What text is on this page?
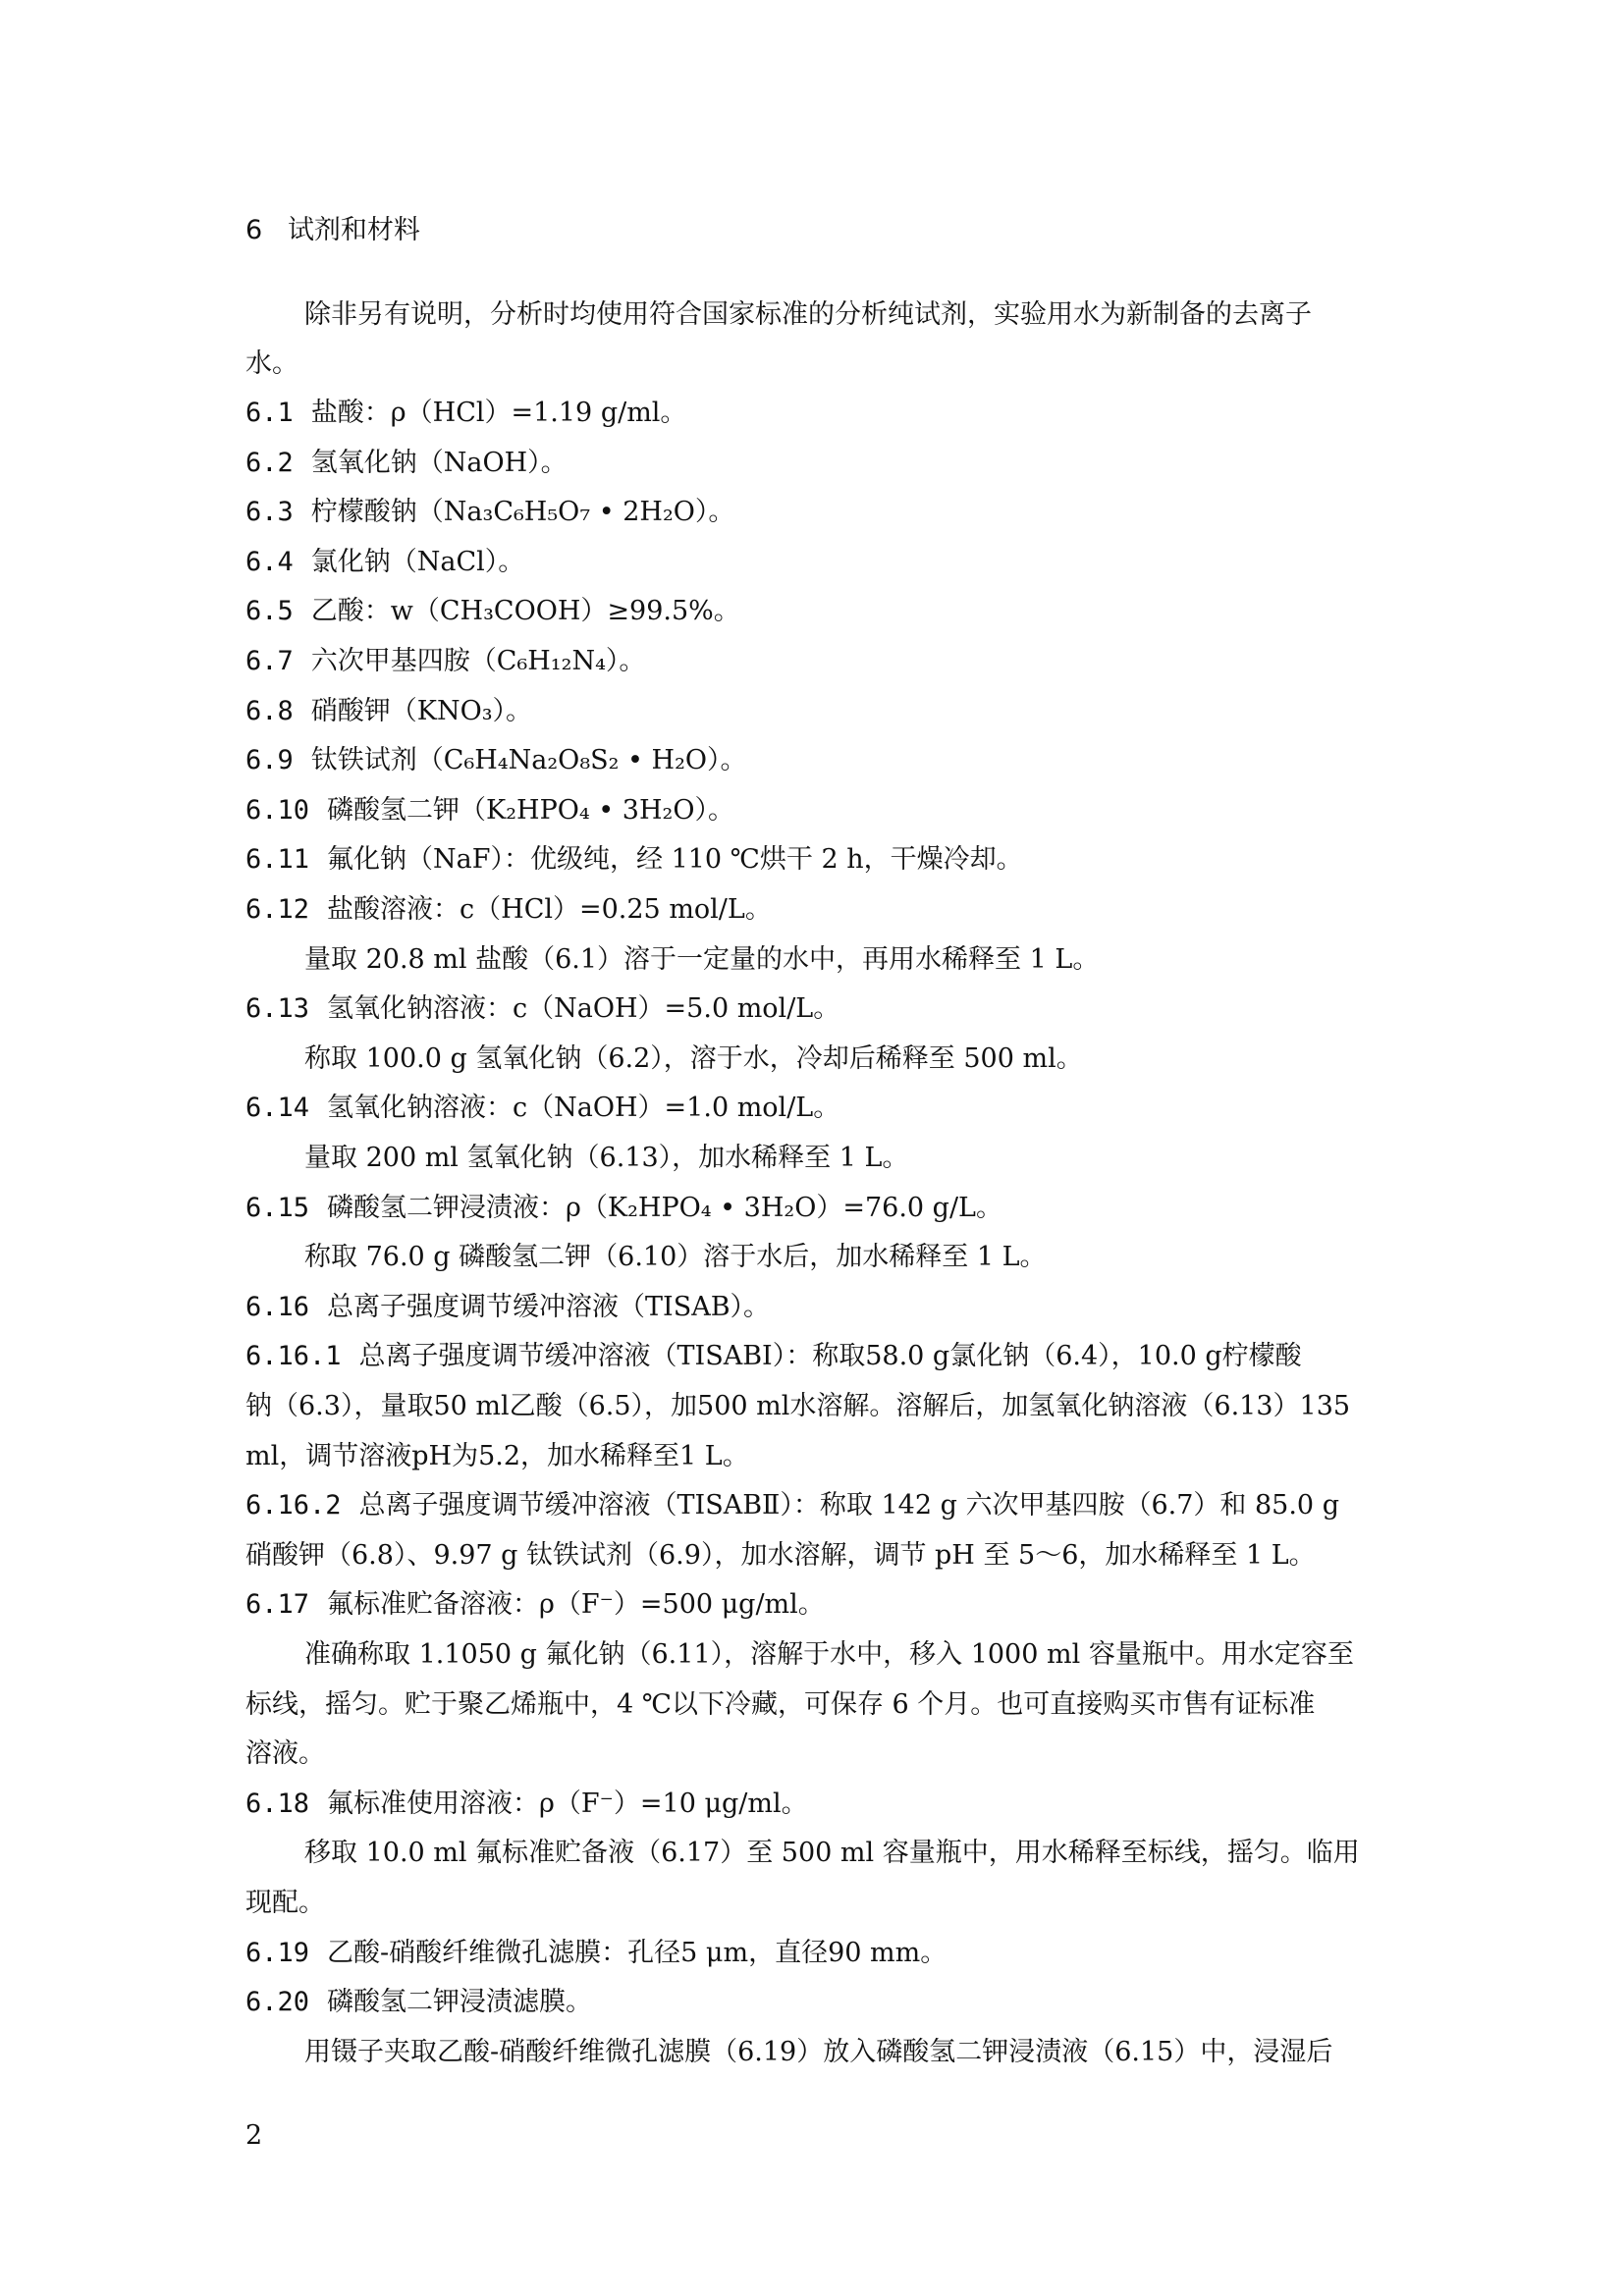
6 试剂和材料
除非另有说明，分析时均使用符合国家标准的分析纯试剂，实验用水为新制备的去离子
水。
6.1 盐酸：ρ（HCl）=1.19 g/ml。
6.2 氢氧化钠（NaOH）。
6.3 柠檬酸钠（Na₃C₆H₅O₇ • 2H₂O）。
6.4 氯化钠（NaCl）。
6.5 乙酸：w（CH₃COOH）≥99.5%。
6.7 六次甲基四胺（C₆H₁₂N₄）。
6.8 硝酸钾（KNO₃）。
6.9 钛铁试剂（C₆H₄Na₂O₈S₂ • H₂O）。
6.10 磷酸氢二钾（K₂HPO₄ • 3H₂O）。
6.11 氟化钠（NaF）：优级纯，经 110 ℃烘干 2 h，干燥冷却。
6.12 盐酸溶液：c（HCl）=0.25 mol/L。
量取 20.8 ml 盐酸（6.1）溶于一定量的水中，再用水稀释至 1 L。
6.13 氢氧化钠溶液：c（NaOH）=5.0 mol/L。
称取 100.0 g 氢氧化钠（6.2），溶于水，冷却后稀释至 500 ml。
6.14 氢氧化钠溶液：c（NaOH）=1.0 mol/L。
量取 200 ml 氢氧化钠（6.13），加水稀释至 1 L。
6.15 磷酸氢二钾浸渍液：ρ（K₂HPO₄ • 3H₂O）=76.0 g/L。
称取 76.0 g 磷酸氢二钾（6.10）溶于水后，加水稀释至 1 L。
6.16 总离子强度调节缓冲溶液（TISAB）。
6.16.1 总离子强度调节缓冲溶液（TISABⅠ）：称取58.0 g氯化钠（6.4），10.0 g柠檬酸
钠（6.3），量取50 ml乙酸（6.5），加500 ml水溶解。溶解后，加氢氧化钠溶液（6.13）135
ml，调节溶液pH为5.2，加水稀释至1 L。
6.16.2 总离子强度调节缓冲溶液（TISABⅡ）：称取 142 g 六次甲基四胺（6.7）和 85.0 g
硝酸钾（6.8）、9.97 g 钛铁试剂（6.9），加水溶解，调节 pH 至 5～6，加水稀释至 1 L。
6.17 氟标准贮备溶液：ρ（F⁻）=500 μg/ml。
准确称取 1.1050 g 氟化钠（6.11），溶解于水中，移入 1000 ml 容量瓶中。用水定容至
标线，摇匀。贮于聚乙烯瓶中，4 ℃以下冷藏，可保存 6 个月。也可直接购买市售有证标准
溶液。
6.18 氟标准使用溶液：ρ（F⁻）=10 μg/ml。
移取 10.0 ml 氟标准贮备液（6.17）至 500 ml 容量瓶中，用水稀释至标线，摇匀。临用
现配。
6.19 乙酸-硝酸纤维微孔滤膜：孔径5 μm，直径90 mm。
6.20 磷酸氢二钾浸渍滤膜。
用镊子夹取乙酸-硝酸纤维微孔滤膜（6.19）放入磷酸氢二钾浸渍液（6.15）中，浸湿后
2
